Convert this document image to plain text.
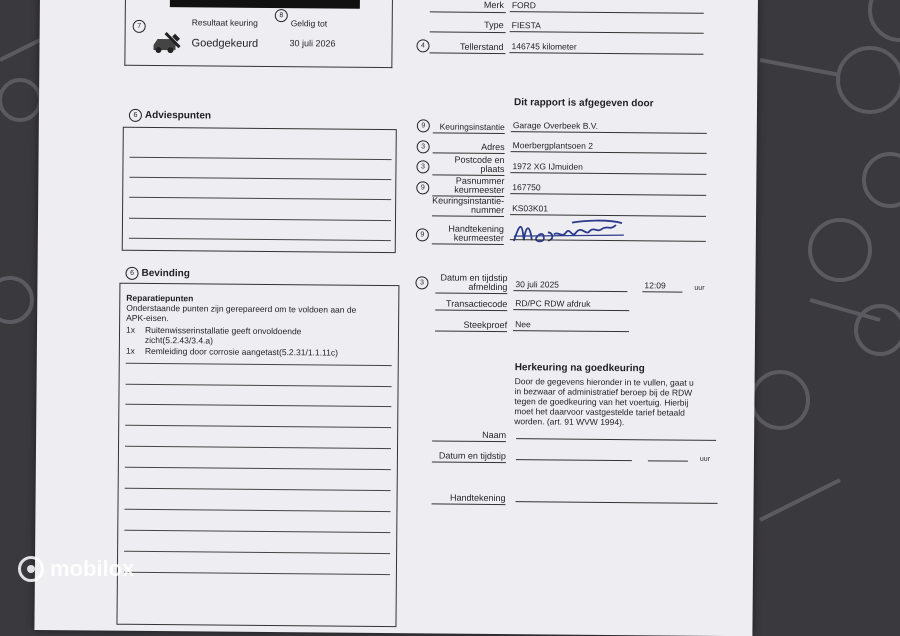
7	Resultaat keuring
Goedgekeurd
8
Geldig tot
30 juli 2026
Merk FORD
Type FIESTA
4	Tellerstand 146745 kilometer
6 Adviespunten
Dit rapport is afgegeven door
9	Keuringsinstantie Garage Overbeek B.V.
3	Adres Moerbergplantsoen 2
3
Postcode en
plaats 1972 XG IJmuiden
9
Pasnummer
keurmeester 167750
Keuringsinstantie-
nummer KS03K01
9
Handtekening
keurmeester
6 Bevinding
Reparatiepunten
Onderstaande punten zijn gerepareerd om te voldoen aan de
APK-eisen.
1x Ruitenwisserinstallatie geeft onvoldoende
zicht(5.2.43/3.4.a)
1x Remleiding door corrosie aangetast(5.2.31/1.1.11c)
3	Datum en tijdstip
afmelding 30 juli 2025	12:09	uur
Transactiecode RD/PC RDW afdruk
Steekproef Nee
Herkeuring na goedkeuring
Door de gegevens hieronder in te vullen, gaat u
in bezwaar of administratief beroep bij de RDW
tegen de goedkeuring van het voertuig. Hierbij
moet het daarvoor vastgestelde tarief betaald
worden. (art. 91 WVW 1994).
Naam
Datum en tijdstip	uur
Handtekening
mobilox
